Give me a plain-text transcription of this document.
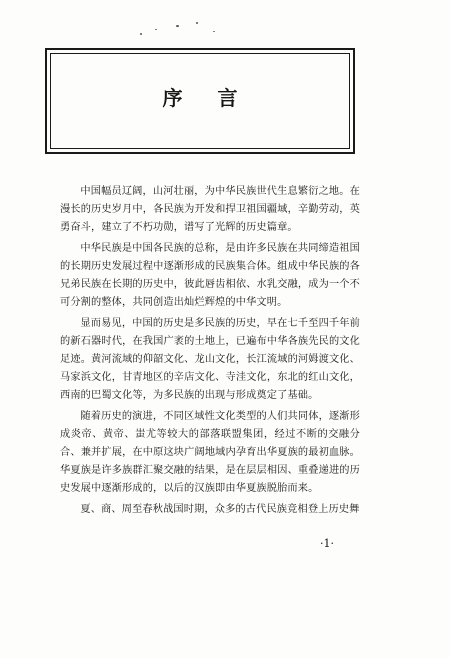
序 言

中国幅员辽阔，山河壮丽，为中华民族世代生息繁衍之地。在漫长的历史岁月中，各民族为开发和捍卫祖国疆域，辛勤劳动，英勇奋斗，建立了不朽功勋，谱写了光辉的历史篇章。

中华民族是中国各民族的总称，是由许多民族在共同缔造祖国的长期历史发展过程中逐渐形成的民族集合体。组成中华民族的各兄弟民族在长期的历史中，彼此唇齿相依、水乳交融，成为一个不可分割的整体，共同创造出灿烂辉煌的中华文明。

显而易见，中国的历史是多民族的历史，早在七千至四千年前的新石器时代，在我国广袤的土地上，已遍布中华各族先民的文化足迹。黄河流域的仰韶文化、龙山文化，长江流域的河姆渡文化、马家浜文化，甘青地区的辛店文化、寺洼文化，东北的红山文化，西南的巴蜀文化等，为多民族的出现与形成奠定了基础。

随着历史的演进，不同区域性文化类型的人们共同体，逐渐形成炎帝、黄帝、蚩尤等较大的部落联盟集团，经过不断的交融分合、兼并扩展，在中原这块广阔地域内孕育出华夏族的最初血脉。华夏族是许多族群汇聚交融的结果，是在层层相因、重叠递进的历史发展中逐渐形成的，以后的汉族即由华夏族脱胎而来。

夏、商、周至春秋战国时期，众多的古代民族竞相登上历史舞

·1·
